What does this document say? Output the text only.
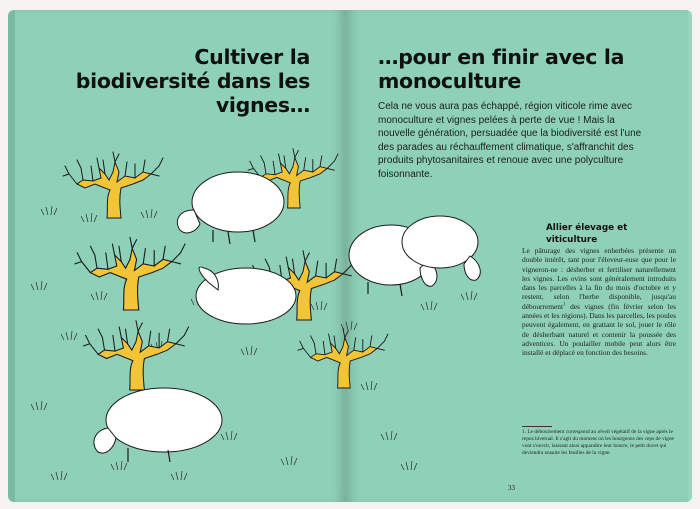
Cultiver la biodiversité dans les vignes…
…pour en finir avec la monoculture

Cela ne vous aura pas échappé, région viticole rime avec monoculture et vignes pelées à perte de vue ! Mais la nouvelle génération, persuadée que la biodiversité est l'une des parades au réchauffement climatique, s'affranchit des produits phytosanitaires et renoue avec une polyculture foisonnante.

Allier élevage et viticulture

Le pâturage des vignes enherbées présente un double intérêt, tant pour l'éleveur-euse que pour le vigneron-ne : désherber et fertiliser naturellement les vignes. Les ovins sont généralement introduits dans les parcelles à la fin du mois d'octobre et y restent, selon l'herbe disponible, jusqu'au débourrement$^1$ des vignes (fin février selon les années et les régions). Dans les parcelles, les poules peuvent également, en grattant le sol, jouer le rôle de désherbant naturel et contenir la poussée des adventices. Un poulailler mobile peut alors être installé et déplacé en fonction des besoins.

1. Le débourrement correspond au réveil végétatif de la vigne après le repos hivernal. Il s'agit du moment où les bourgeons des ceps de vigne vont s'ouvrir, laissant ainsi apparaître leur bourre, le petit duvet qui deviendra ensuite les feuilles de la vigne.

33
